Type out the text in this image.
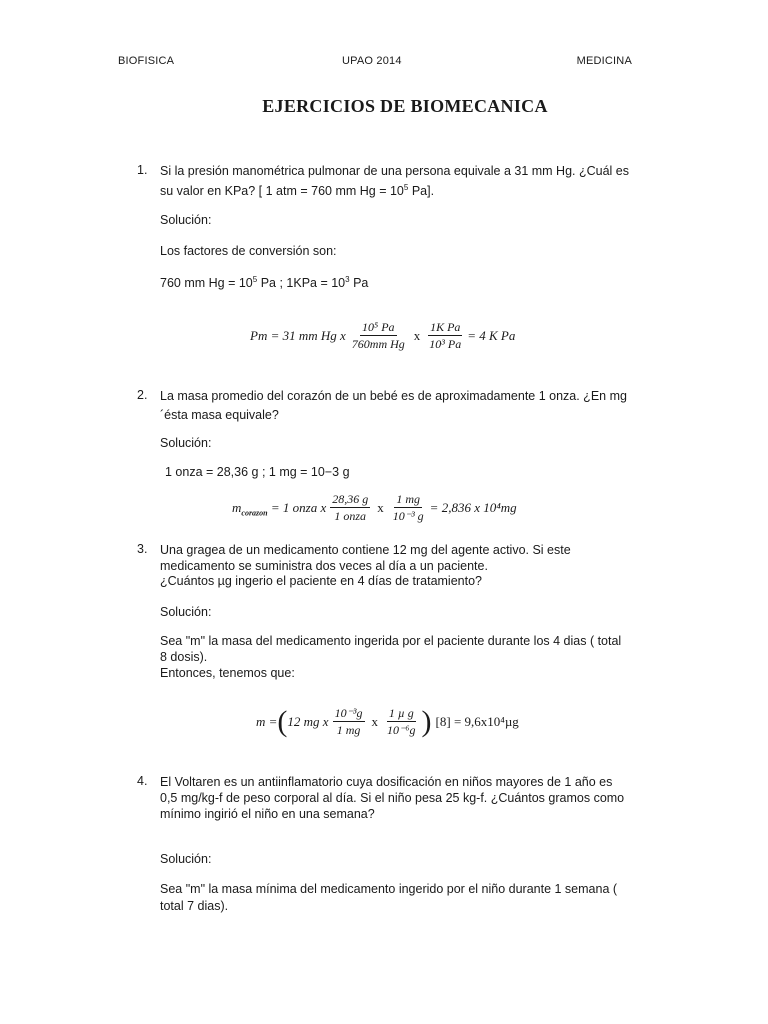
BIOFISICA	UPAO 2014	MEDICINA
EJERCICIOS DE BIOMECANICA
1. Si la presión manométrica pulmonar de una persona equivale a 31 mm Hg. ¿Cuál es
su valor en KPa? [ 1 atm = 760 mm $Hg = 10^5$ Pa].
Solución:
Los factores de conversión son:
760 mm $Hg = 10^5$ Pa ; $1KPa = 10^3$ Pa
Pm = 31 mm Hg x $\frac{\text{10⁵ Pa}}{\text{760mm Hg}}$ x $\frac{\text{1K Pa}}{\text{10³ Pa}} = 4$ K Pa
2. La masa promedio del corazón de un bebé es de aproximadamente 1 onza. ¿En mg
´ésta masa equivale?
Solución:
1 onza = 28,36 g ; 1 mg = 10−3 g
$m_{corazon} = 1$ onza x $\frac{28,36 g}{\text{1 onza}}$ x $\frac{1 mg}{\text{10⁻³ g}} = 2,836$ x 10⁴mg
3. Una gragea de un medicamento contiene 12 mg del agente activo. Si este
medicamento se suministra dos veces al día a un paciente.
¿Cuántos µg ingerio el paciente en 4 días de tratamiento?
Solución:
Sea "m" la masa del medicamento ingerida por el paciente durante los 4 dias ( total
8 dosis).
Entonces, tenemos que:
m = ( 12 mg x $\frac{\text{10⁻³g}}{1 mg}$ x $\frac{\text{1 µ g}}{\text{10⁻⁶g}}$ ) [8] = 9,6x10⁴µg
4. El Voltaren es un antiinflamatorio cuya dosificación en niños mayores de 1 año es
0,5 mg/kg-f de peso corporal al día. Si el niño pesa 25 kg-f. ¿Cuántos gramos como
mínimo ingirió el niño en una semana?
Solución:
Sea "m" la masa mínima del medicamento ingerido por el niño durante 1 semana (
total 7 dias).
